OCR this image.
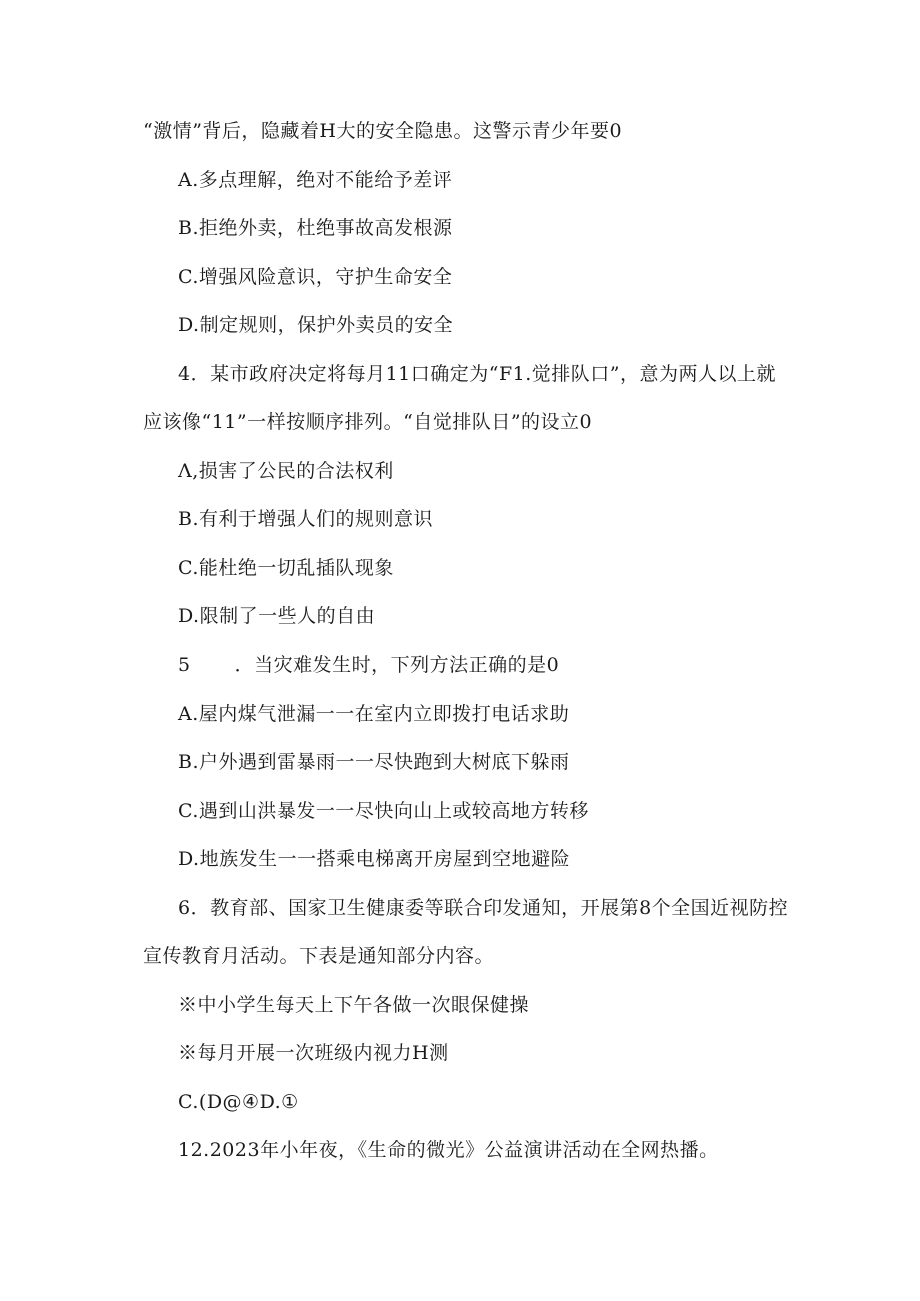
“激情”背后，隐藏着H大的安全隐患。这警示青少年要0
A.多点理解，绝对不能给予差评
B.拒绝外卖，杜绝事故高发根源
C.增强风险意识，守护生命安全
D.制定规则，保护外卖员的安全
4．某市政府决定将每月11口确定为“F1.觉排队口”，意为两人以上就
应该像“11”一样按顺序排列。“自觉排队日”的设立0
Λ,损害了公民的合法权利
B.有利于增强人们的规则意识
C.能杜绝一切乱插队现象
D.限制了一些人的自由
5 ．当灾难发生时，下列方法正确的是0
A.屋内煤气泄漏一一在室内立即拨打电话求助
B.户外遇到雷暴雨一一尽快跑到大树底下躲雨
C.遇到山洪暴发一一尽快向山上或较高地方转移
D.地族发生一一搭乘电梯离开房屋到空地避险
6．教育部、国家卫生健康委等联合印发通知，开展第8个全国近视防控
宣传教育月活动。下表是通知部分内容。
※中小学生每天上下午各做一次眼保健操
※每月开展一次班级内视力H测
C.(D@④D.①
12.2023年小年夜，《生命的微光》公益演讲活动在全网热播。
